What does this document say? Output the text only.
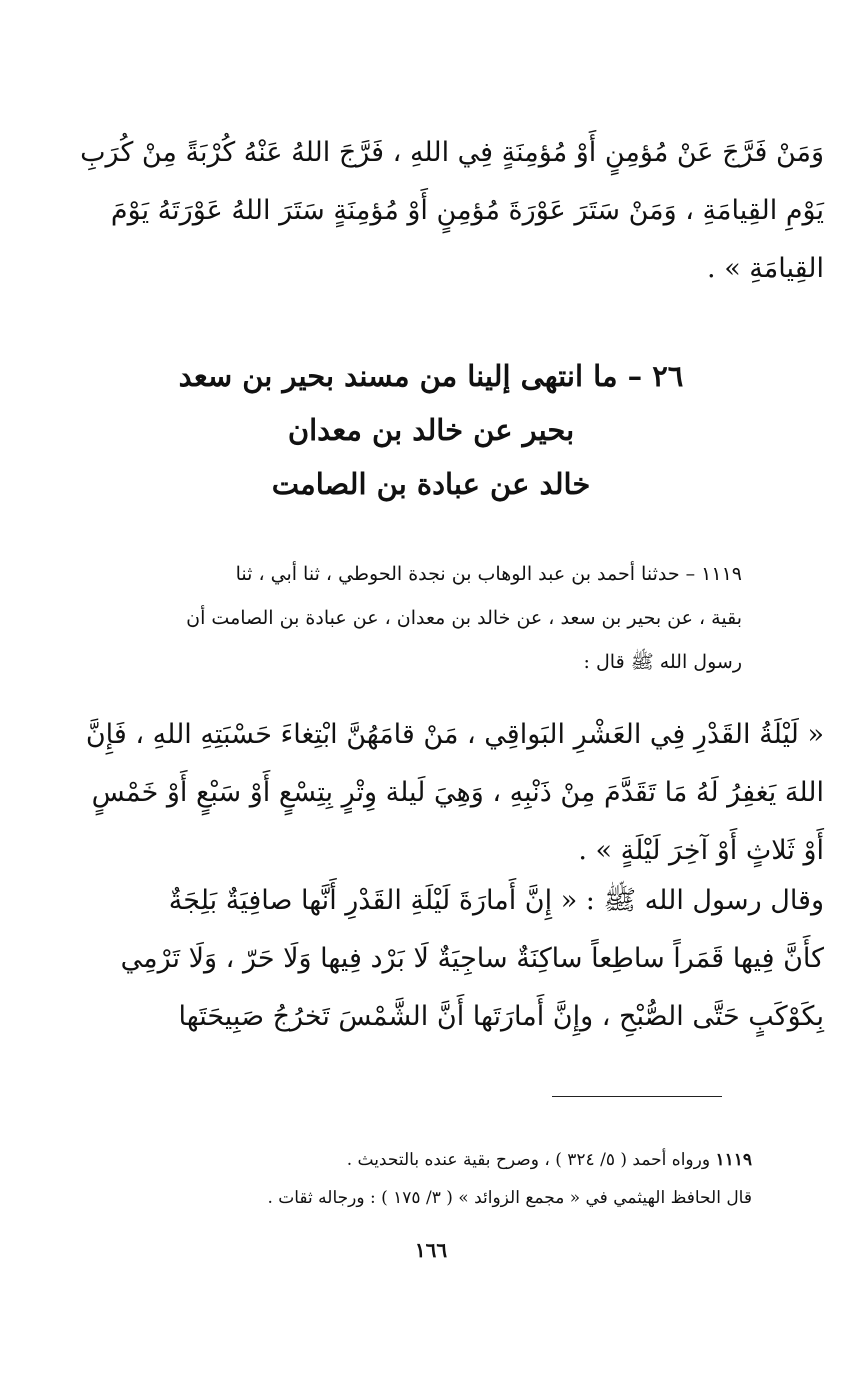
وَمَنْ فَرَّجَ عَنْ مُؤمِنٍ أَوْ مُؤمِنَةٍ فِي اللهِ ، فَرَّجَ اللهُ عَنْهُ كُرْبَةً مِنْ كُرَبِ
يَوْمِ القِيامَةِ ، وَمَنْ سَتَرَ عَوْرَةَ مُؤمِنٍ أَوْ مُؤمِنَةٍ سَتَرَ اللهُ عَوْرَتَهُ يَوْمَ
القِيامَةِ » .
٢٦ – ما انتهى إلينا من مسند بحير بن سعد
بحير عن خالد بن معدان
خالد عن عبادة بن الصامت
١١١٩ – حدثنا أحمد بن عبد الوهاب بن نجدة الحوطي ، ثنا أبي ، ثنا
بقية ، عن بحير بن سعد ، عن خالد بن معدان ، عن عبادة بن الصامت أن
رسول الله ﷺ قال :
« لَيْلَةُ القَدْرِ فِي العَشْرِ البَواقِي ، مَنْ قامَهُنَّ ابْتِغاءَ حَسْبَتِهِ اللهِ ، فَإِنَّ
اللهَ يَغفِرُ لَهُ مَا تَقَدَّمَ مِنْ ذَنْبِهِ ، وَهِيَ لَيلة وِتْرٍ بِتِسْعٍ أَوْ سَبْعٍ أَوْ خَمْسٍ
أَوْ ثَلاثٍ أَوْ آخِرَ لَيْلَةٍ » .
وقال رسول الله ﷺ : « إِنَّ أَمارَةَ لَيْلَةِ القَدْرِ أَنَّها صافِيَةٌ بَلِجَةٌ
كأَنَّ فِيها قَمَراً ساطِعاً ساكِنَةٌ ساجِيَةٌ لَا بَرْد فِيها وَلَا حَرّ ، وَلَا تَرْمِي
بِكَوْكَبٍ حَتَّى الصُّبْحِ ، وإِنَّ أَمارَتَها أَنَّ الشَّمْسَ تَخرُجُ صَبِيحَتَها
١١١٩ ورواه أحمد ( ٥/ ٣٢٤ ) ، وصرح بقية عنده بالتحديث .
قال الحافظ الهيثمي في « مجمع الزوائد » ( ٣/ ١٧٥ ) : ورجاله ثقات .
١٦٦
